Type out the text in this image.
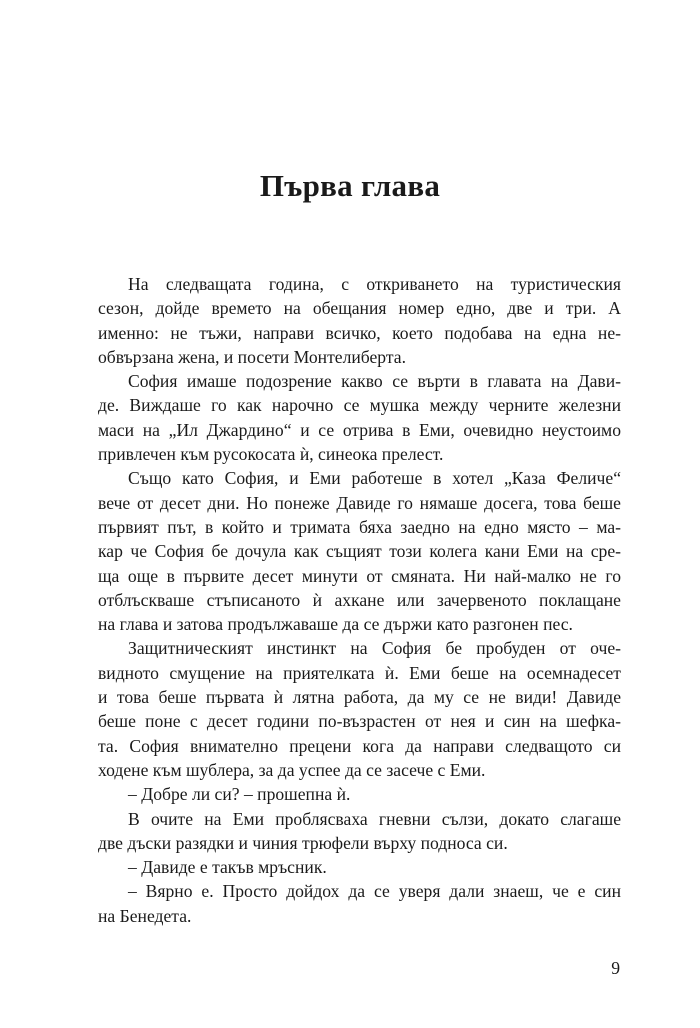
Първа глава
На следващата година, с откриването на туристическия
сезон, дойде времето на обещания номер едно, две и три. А
именно: не тъжи, направи всичко, което подобава на една не-
обвързана жена, и посети Монтелиберта.
София имаше подозрение какво се върти в главата на Дави-
де. Виждаше го как нарочно се мушка между черните железни
маси на „Ил Джардино“ и се отрива в Еми, очевидно неустоимо
привлечен към русокосата ѝ, синеока прелест.
Също като София, и Еми работеше в хотел „Каза Феличе“
вече от десет дни. Но понеже Давиде го нямаше досега, това беше
първият път, в който и тримата бяха заедно на едно място – ма-
кар че София бе дочула как същият този колега кани Еми на сре-
ща още в първите десет минути от смяната. Ни най-малко не го
отблъскваше стъписаното ѝ ахкане или зачервеното поклащане
на глава и затова продължаваше да се държи като разгонен пес.
Защитническият инстинкт на София бе пробуден от оче-
видното смущение на приятелката ѝ. Еми беше на осемнадесет
и това беше първата ѝ лятна работа, да му се не види! Давиде
беше поне с десет години по-възрастен от нея и син на шефка-
та. София внимателно прецени кога да направи следващото си
ходене към шублера, за да успее да се засече с Еми.
– Добре ли си? – прошепна ѝ.
В очите на Еми проблясваха гневни сълзи, докато слагаше
две дъски разядки и чиния трюфели върху подноса си.
– Давиде е такъв мръсник.
– Вярно е. Просто дойдох да се уверя дали знаеш, че е син
на Бенедета.
9
